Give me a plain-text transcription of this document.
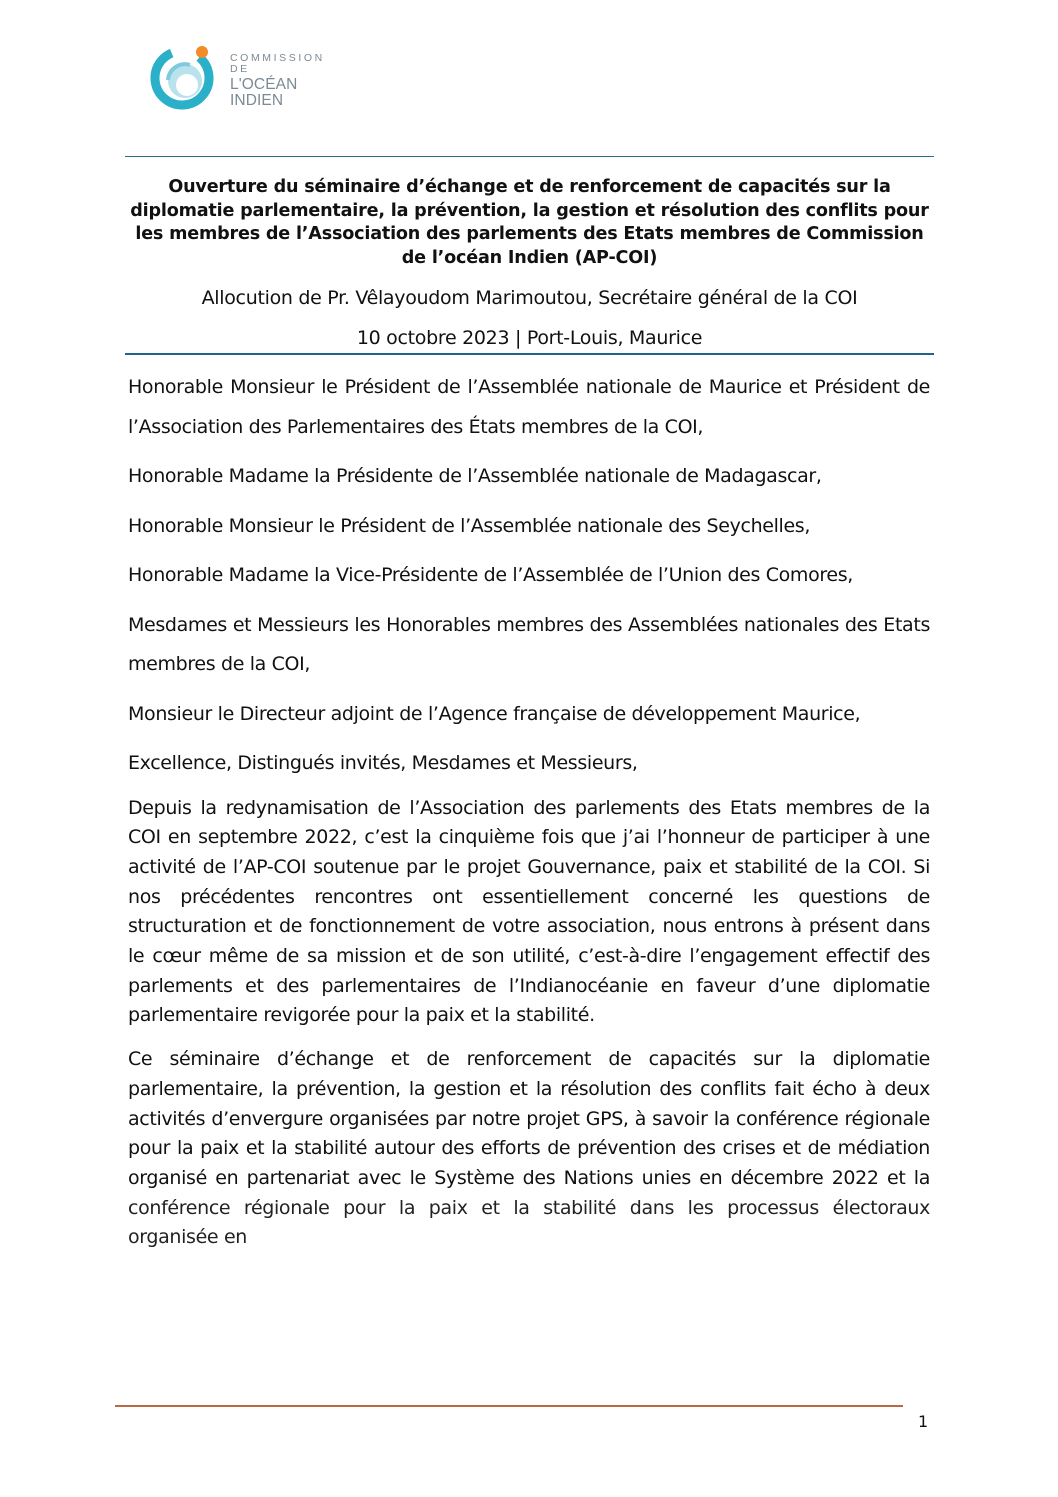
COMMISSION DE
L'OCÉAN INDIEN
Ouverture du séminaire d’échange et de renforcement de capacités sur la diplomatie parlementaire, la prévention, la gestion et résolution des conflits pour les membres de l’Association des parlements des Etats membres de Commission de l’océan Indien (AP-COI)
Allocution de Pr. Vêlayoudom Marimoutou, Secrétaire général de la COI
10 octobre 2023 | Port-Louis, Maurice

Honorable Monsieur le Président de l’Assemblée nationale de Maurice et Président de l’Association des Parlementaires des États membres de la COI,

Honorable Madame la Présidente de l’Assemblée nationale de Madagascar,

Honorable Monsieur le Président de l’Assemblée nationale des Seychelles,

Honorable Madame la Vice-Présidente de l’Assemblée de l’Union des Comores,

Mesdames et Messieurs les Honorables membres des Assemblées nationales des Etats membres de la COI,

Monsieur le Directeur adjoint de l’Agence française de développement Maurice,

Excellence, Distingués invités, Mesdames et Messieurs,

Depuis la redynamisation de l’Association des parlements des Etats membres de la COI en septembre 2022, c’est la cinquième fois que j’ai l’honneur de participer à une activité de l’AP-COI soutenue par le projet Gouvernance, paix et stabilité de la COI. Si nos précédentes rencontres ont essentiellement concerné les questions de structuration et de fonctionnement de votre association, nous entrons à présent dans le cœur même de sa mission et de son utilité, c’est-à-dire l’engagement effectif des parlements et des parlementaires de l’Indianocéanie en faveur d’une diplomatie parlementaire revigorée pour la paix et la stabilité.

Ce séminaire d’échange et de renforcement de capacités sur la diplomatie parlementaire, la prévention, la gestion et la résolution des conflits fait écho à deux activités d’envergure organisées par notre projet GPS, à savoir la conférence régionale pour la paix et la stabilité autour des efforts de prévention des crises et de médiation organisé en partenariat avec le Système des Nations unies en décembre 2022 et la conférence régionale pour la paix et la stabilité dans les processus électoraux organisée en

1
